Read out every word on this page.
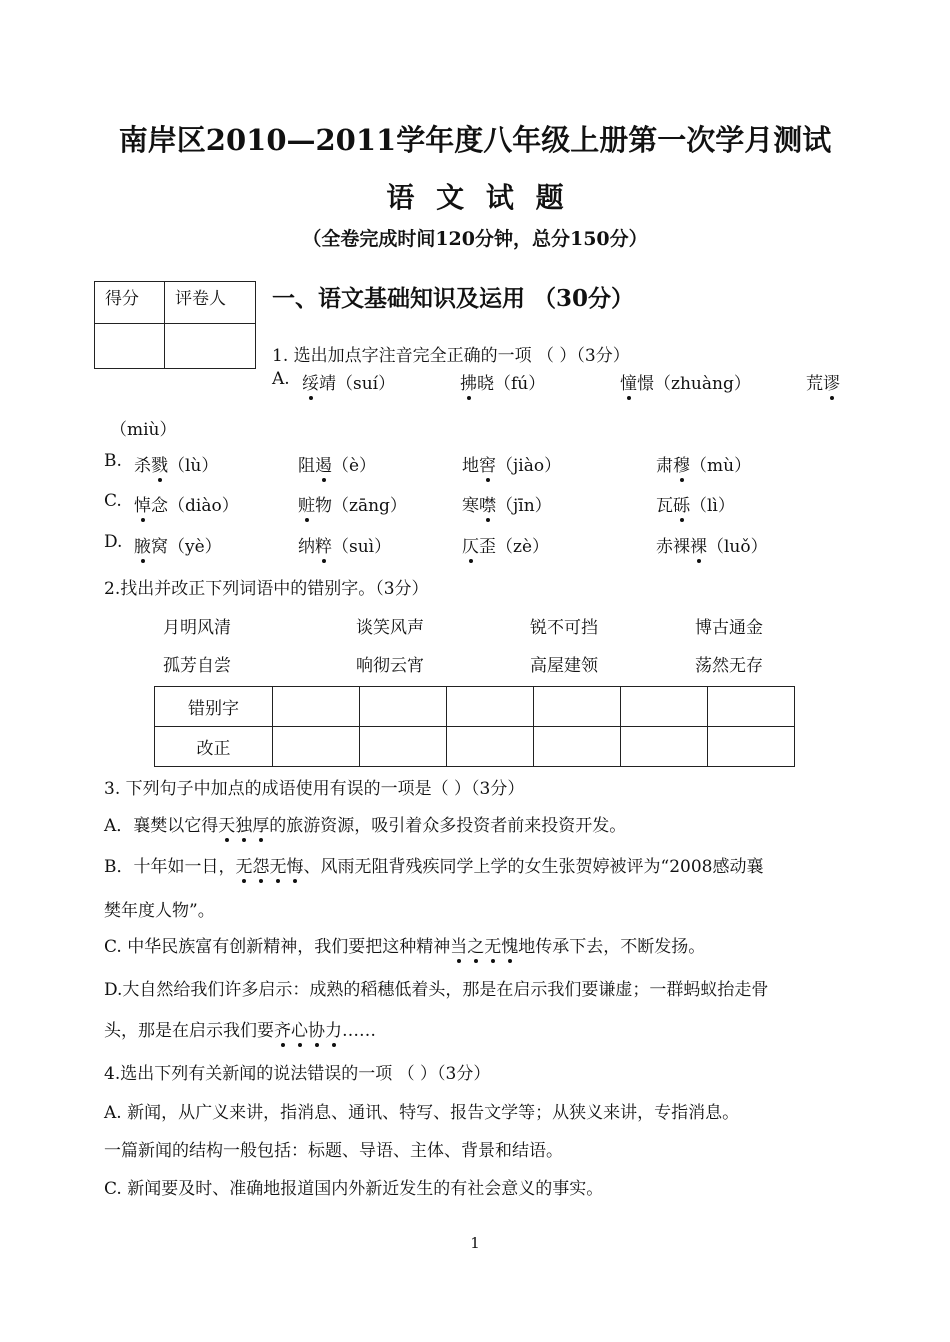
南岸区2010—2011学年度八年级上册第一次学月测试
语 文 试 题
（全卷完成时间120分钟，总分150分）
得分	评卷人
	一、语文基础知识及运用 （30分）
1. 选出加点字注音完全正确的一项 （ ）（3分）
A. 绥靖（suí）	拂晓（fú）	憧憬（zhuàng）	荒谬
（miù）
B. 杀戮（lù）	阻遏（è）	地窖（jiào）	肃穆（mù）
C. 悼念（diào）	赃物（zāng）	寒噤（jīn）	瓦砾（lì）
D. 腋窝（yè）	纳粹（suì）	仄歪（zè）	赤裸裸（luǒ）
2.找出并改正下列词语中的错别字。（3分）
月明风清	谈笑风声	锐不可挡	博古通金
孤芳自尝	响彻云宵	高屋建领	荡然无存
错别字						
改正						
3. 下列句子中加点的成语使用有误的一项是（ ）（3分）
A．襄樊以它得天独厚的旅游资源，吸引着众多投资者前来投资开发。
B．十年如一日，无怨无悔、风雨无阻背残疾同学上学的女生张贺婷被评为“2008感动襄
樊年度人物”。
C. 中华民族富有创新精神，我们要把这种精神当之无愧地传承下去，不断发扬。
D.大自然给我们许多启示：成熟的稻穗低着头，那是在启示我们要谦虚；一群蚂蚁抬走骨
头，那是在启示我们要齐心协力……
4.选出下列有关新闻的说法错误的一项 （ ）（3分）
A. 新闻，从广义来讲，指消息、通讯、特写、报告文学等；从狭义来讲，专指消息。
一篇新闻的结构一般包括：标题、导语、主体、背景和结语。
C. 新闻要及时、准确地报道国内外新近发生的有社会意义的事实。
1
